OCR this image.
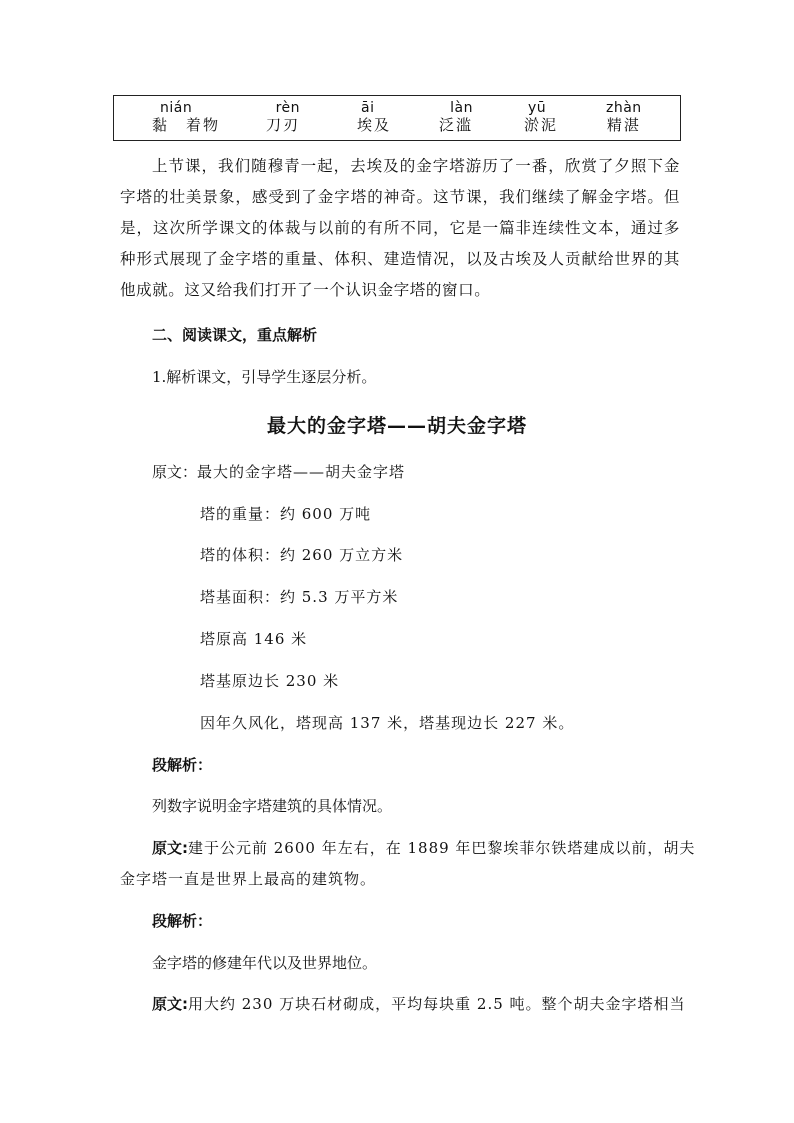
nián
黏　着物
rèn
刀刃
āi
埃及
làn
泛滥
yū
淤泥
zhàn
精湛
上节课，我们随穆青一起，去埃及的金字塔游历了一番，欣赏了夕照下金字塔的壮美景象，感受到了金字塔的神奇。这节课，我们继续了解金字塔。但是，这次所学课文的体裁与以前的有所不同，它是一篇非连续性文本，通过多种形式展现了金字塔的重量、体积、建造情况，以及古埃及人贡献给世界的其他成就。这又给我们打开了一个认识金字塔的窗口。
二、阅读课文，重点解析
1.解析课文，引导学生逐层分析。
最大的金字塔——胡夫金字塔
原文：最大的金字塔——胡夫金字塔
塔的重量：约 600 万吨
塔的体积：约 260 万立方米
塔基面积：约 5.3 万平方米
塔原高 146 米
塔基原边长 230 米
因年久风化，塔现高 137 米，塔基现边长 227 米。
段解析：
列数字说明金字塔建筑的具体情况。
原文:建于公元前 2600 年左右，在 1889 年巴黎埃菲尔铁塔建成以前，胡夫
金字塔一直是世界上最高的建筑物。
段解析：
金字塔的修建年代以及世界地位。
原文:用大约 230 万块石材砌成，平均每块重 2.5 吨。整个胡夫金字塔相当
